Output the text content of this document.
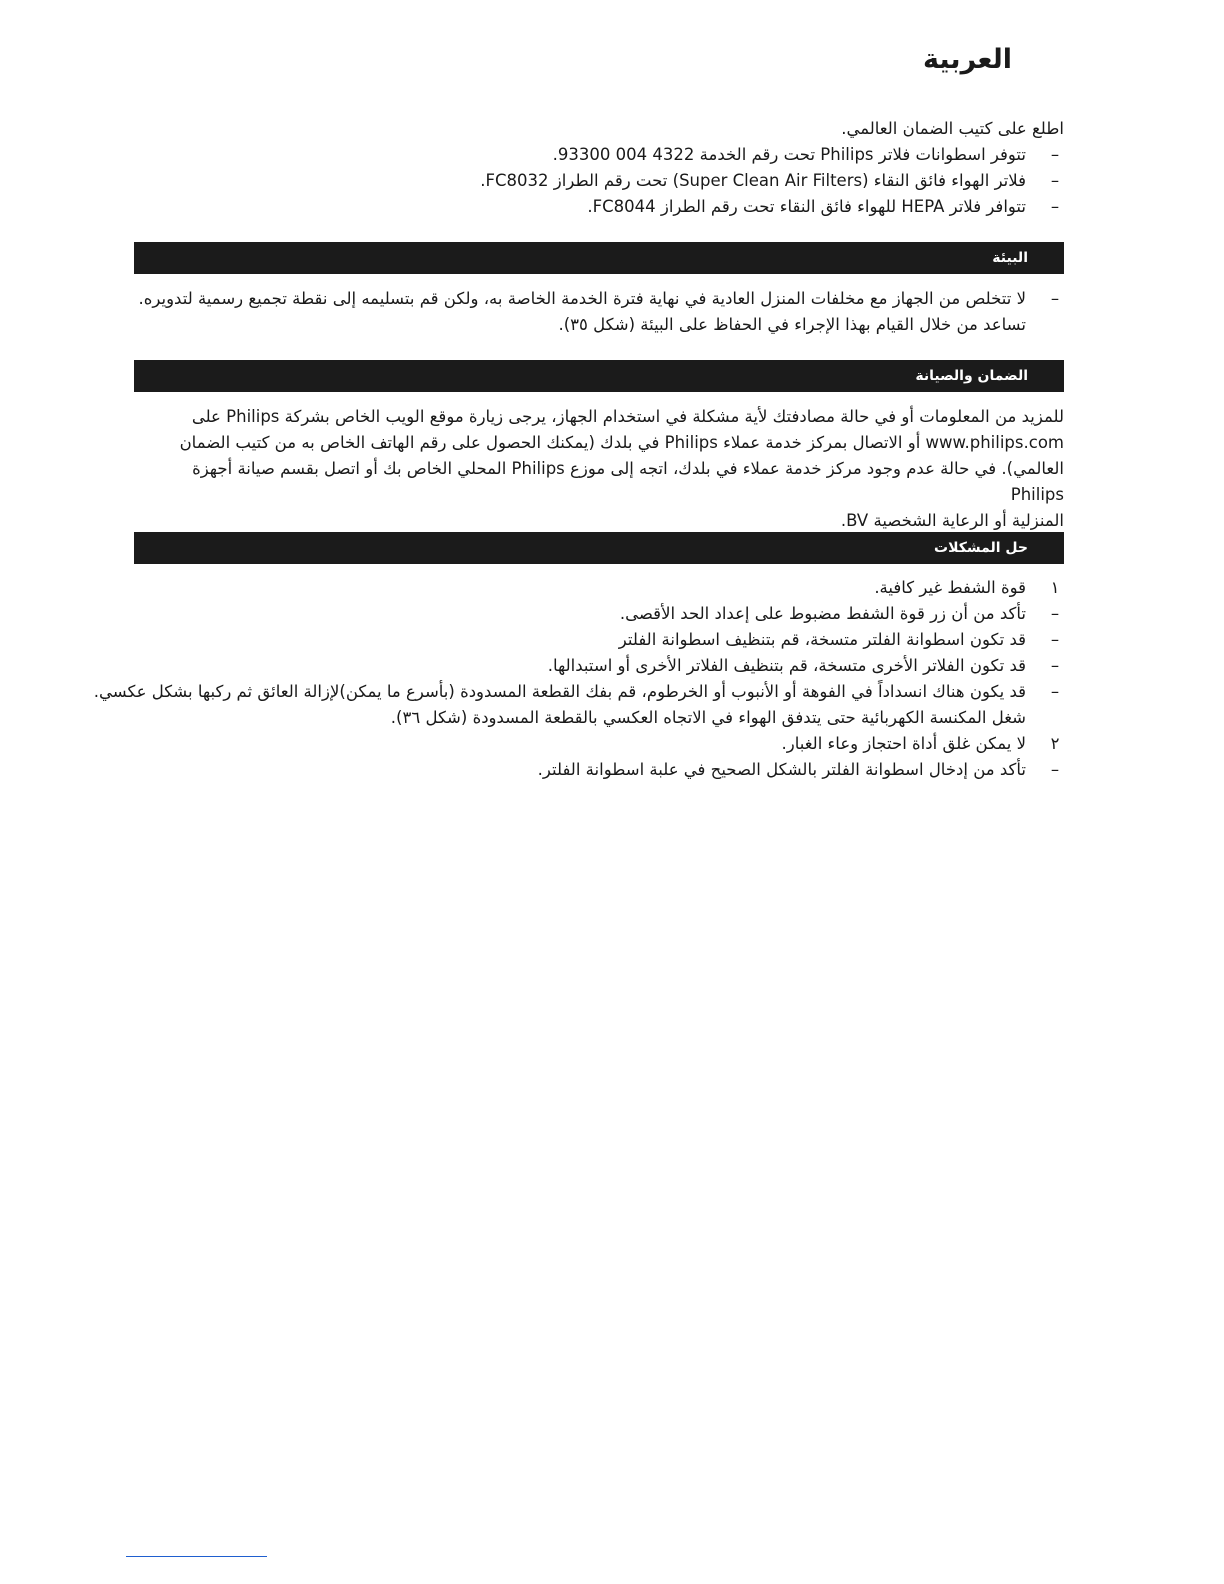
العربية
اطلع على كتيب الضمان العالمي.
–
تتوفر اسطوانات فلاتر Philips تحت رقم الخدمة 4322 004 93300.
–
فلاتر الهواء فائق النقاء (Super Clean Air Filters) تحت رقم الطراز FC8032.
–
تتوافر فلاتر HEPA للهواء فائق النقاء تحت رقم الطراز FC8044.
البيئة
–
لا تتخلص من الجهاز مع مخلفات المنزل العادية في نهاية فترة الخدمة الخاصة به، ولكن قم بتسليمه إلى نقطة تجميع رسمية لتدويره.
تساعد من خلال القيام بهذا الإجراء في الحفاظ على البيئة (شكل ٣٥).
الضمان والصيانة
للمزيد من المعلومات أو في حالة مصادفتك لأية مشكلة في استخدام الجهاز، يرجى زيارة موقع الويب الخاص بشركة Philips على
www.philips.com أو الاتصال بمركز خدمة عملاء Philips في بلدك (يمكنك الحصول على رقم الهاتف الخاص به من كتيب الضمان
العالمي). في حالة عدم وجود مركز خدمة عملاء في بلدك، اتجه إلى موزع Philips المحلي الخاص بك أو اتصل بقسم صيانة أجهزة Philips
المنزلية أو الرعاية الشخصية BV.
حل المشكلات
١
قوة الشفط غير كافية.
–
تأكد من أن زر قوة الشفط مضبوط على إعداد الحد الأقصى.
–
قد تكون اسطوانة الفلتر متسخة، قم بتنظيف اسطوانة الفلتر
–
قد تكون الفلاتر الأخرى متسخة، قم بتنظيف الفلاتر الأخرى أو استبدالها.
–
قد يكون هناك انسداداً في الفوهة أو الأنبوب أو الخرطوم، قم بفك القطعة المسدودة (بأسرع ما يمكن)لإزالة العائق ثم ركبها بشكل عكسي.
شغل المكنسة الكهربائية حتى يتدفق الهواء في الاتجاه العكسي بالقطعة المسدودة (شكل ٣٦).
٢
لا يمكن غلق أداة احتجاز وعاء الغبار.
–
تأكد من إدخال اسطوانة الفلتر بالشكل الصحيح في علبة اسطوانة الفلتر.
